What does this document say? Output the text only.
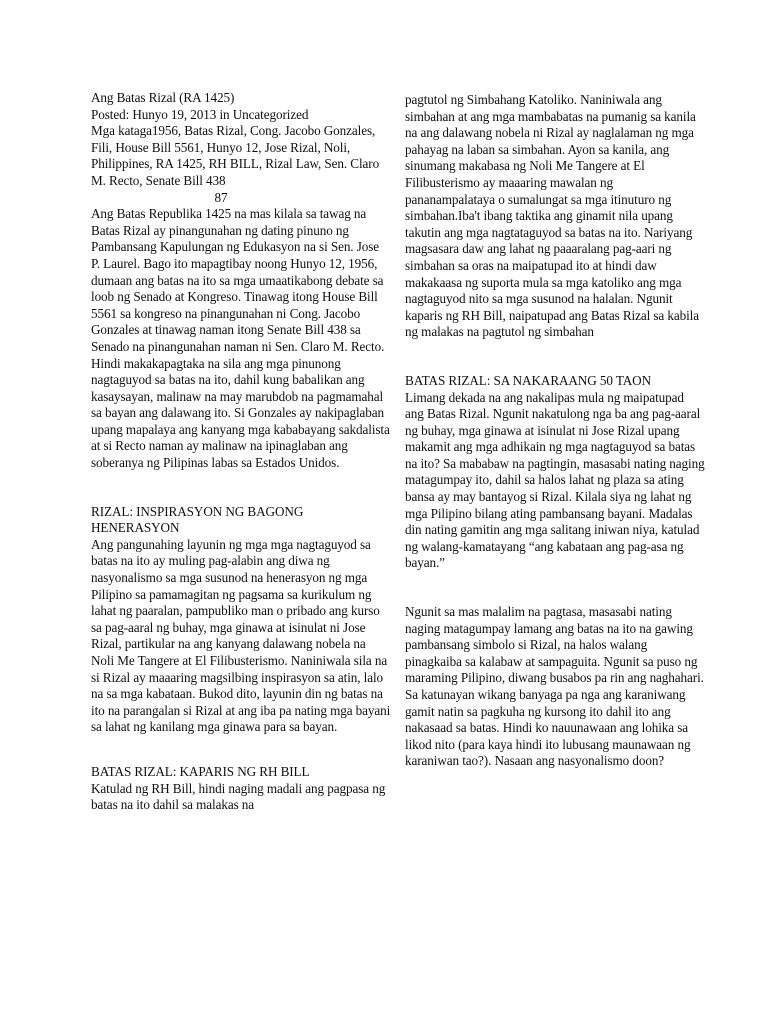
Ang Batas Rizal (RA 1425)

Posted: Hunyo 19, 2013 in Uncategorized

Mga kataga1956, Batas Rizal, Cong. Jacobo Gonzales, Fili, House Bill 5561, Hunyo 12, Jose Rizal, Noli, Philippines, RA 1425, RH BILL, Rizal Law, Sen. Claro M. Recto, Senate Bill 438

87

Ang Batas Republika 1425 na mas kilala sa tawag na Batas Rizal ay pinangunahan ng dating pinuno ng Pambansang Kapulungan ng Edukasyon na si Sen. Jose P. Laurel. Bago ito mapagtibay noong Hunyo 12, 1956, dumaan ang batas na ito sa mga umaatikabong debate sa loob ng Senado at Kongreso. Tinawag itong House Bill 5561 sa kongreso na pinangunahan ni Cong. Jacobo Gonzales at tinawag naman itong Senate Bill 438 sa Senado na pinangunahan naman ni Sen. Claro M. Recto. Hindi makakapagtaka na sila ang mga pinunong nagtaguyod sa batas na ito, dahil kung babalikan ang kasaysayan, malinaw na may marubdob na pagmamahal sa bayan ang dalawang ito. Si Gonzales ay nakipaglaban upang mapalaya ang kanyang mga kababayang sakdalista at si Recto naman ay malinaw na ipinaglaban ang soberanya ng Pilipinas labas sa Estados Unidos.

RIZAL: INSPIRASYON NG BAGONG HENERASYON

Ang pangunahing layunin ng mga mga nagtaguyod sa batas na ito ay muling pag-alabin ang diwa ng nasyonalismo sa mga susunod na henerasyon ng mga Pilipino sa pamamagitan ng pagsama sa kurikulum ng lahat ng paaralan, pampubliko man o pribado ang kurso sa pag-aaral ng buhay, mga ginawa at isinulat ni Jose Rizal, partikular na ang kanyang dalawang nobela na Noli Me Tangere at El Filibusterismo. Naniniwala sila na si Rizal ay maaaring magsilbing inspirasyon sa atin, lalo na sa mga kabataan. Bukod dito, layunin din ng batas na ito na parangalan si Rizal at ang iba pa nating mga bayani sa lahat ng kanilang mga ginawa para sa bayan.

BATAS RIZAL: KAPARIS NG RH BILL

Katulad ng RH Bill, hindi naging madali ang pagpasa ng batas na ito dahil sa malakas na

pagtutol ng Simbahang Katoliko. Naniniwala ang simbahan at ang mga mambabatas na pumanig sa kanila na ang dalawang nobela ni Rizal ay naglalaman ng mga pahayag na laban sa simbahan. Ayon sa kanila, ang sinumang makabasa ng Noli Me Tangere at El Filibusterismo ay maaaring mawalan ng pananampalataya o sumalungat sa mga itinuturo ng simbahan.Iba't ibang taktika ang ginamit nila upang takutin ang mga nagtataguyod sa batas na ito. Nariyang magsasara daw ang lahat ng paaaralang pag-aari ng simbahan sa oras na maipatupad ito at hindi daw makakaasa ng suporta mula sa mga katoliko ang mga nagtaguyod nito sa mga susunod na halalan. Ngunit kaparis ng RH Bill, naipatupad ang Batas Rizal sa kabila ng malakas na pagtutol ng simbahan

BATAS RIZAL: SA NAKARAANG 50 TAON

Limang dekada na ang nakalipas mula ng maipatupad ang Batas Rizal. Ngunit nakatulong nga ba ang pag-aaral ng buhay, mga ginawa at isinulat ni Jose Rizal upang makamit ang mga adhikain ng mga nagtaguyod sa batas na ito? Sa mababaw na pagtingin, masasabi nating naging matagumpay ito, dahil sa halos lahat ng plaza sa ating bansa ay may bantayog si Rizal. Kilala siya ng lahat ng mga Pilipino bilang ating pambansang bayani. Madalas din nating gamitin ang mga salitang iniwan niya, katulad ng walang-kamatayang “ang kabataan ang pag-asa ng bayan.”

Ngunit sa mas malalim na pagtasa, masasabi nating naging matagumpay lamang ang batas na ito na gawing pambansang simbolo si Rizal, na halos walang pinagkaiba sa kalabaw at sampaguita. Ngunit sa puso ng maraming Pilipino, diwang busabos pa rin ang naghahari. Sa katunayan wikang banyaga pa nga ang karaniwang gamit natin sa pagkuha ng kursong ito dahil ito ang nakasaad sa batas. Hindi ko nauunawaan ang lohika sa likod nito (para kaya hindi ito lubusang maunawaan ng karaniwan tao?). Nasaan ang nasyonalismo doon?
